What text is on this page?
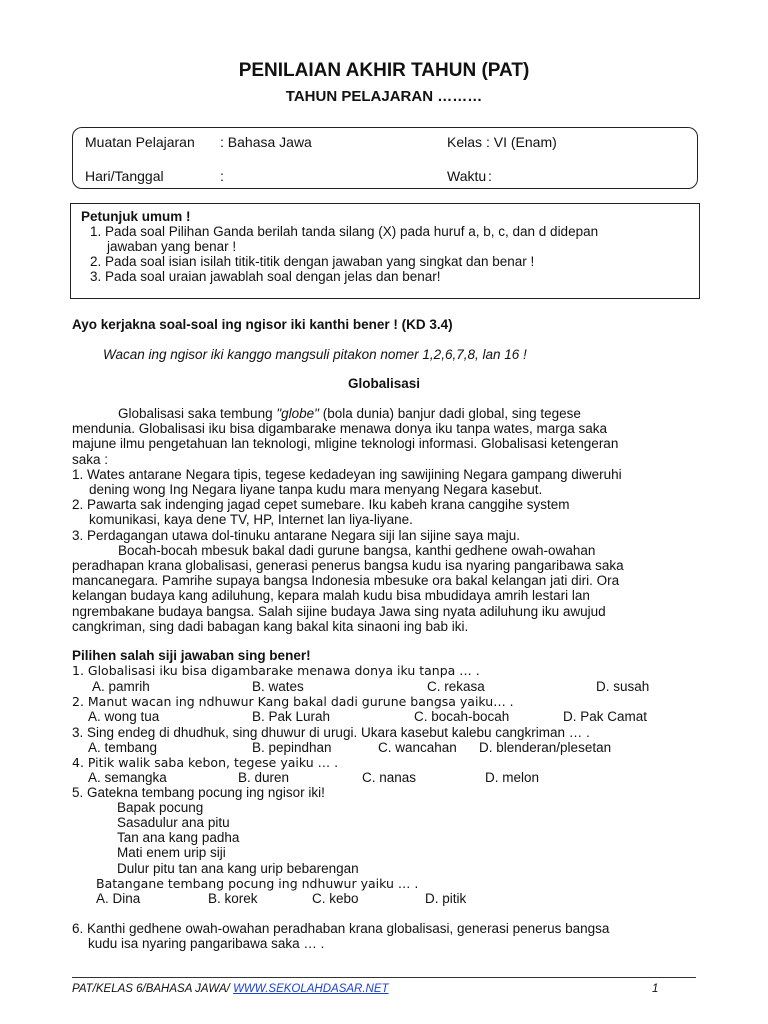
PENILAIAN AKHIR TAHUN (PAT)
TAHUN PELAJARAN ………
Muatan Pelajaran : Bahasa Jawa	Kelas : VI (Enam)
Hari/Tanggal	:	Waktu :
Petunjuk umum !
1. Pada soal Pilihan Ganda berilah tanda silang (X) pada huruf a, b, c, dan d didepan
jawaban yang benar !
2. Pada soal isian isilah titik-titik dengan jawaban yang singkat dan benar !
3. Pada soal uraian jawablah soal dengan jelas dan benar!
Ayo kerjakna soal-soal ing ngisor iki kanthi bener ! (KD 3.4)
Wacan ing ngisor iki kanggo mangsuli pitakon nomer 1,2,6,7,8, lan 16 !
Globalisasi

Globalisasi saka tembung "globe" (bola dunia) banjur dadi global, sing tegese

mendunia. Globalisasi iku bisa digambarake menawa donya iku tanpa wates, marga saka

majune ilmu pengetahuan lan teknologi, mligine teknologi informasi. Globalisasi ketengeran

saka :

1. Wates antarane Negara tipis, tegese kedadeyan ing sawijining Negara gampang diweruhi

dening wong Ing Negara liyane tanpa kudu mara menyang Negara kasebut.

2. Pawarta sak indenging jagad cepet sumebare. Iku kabeh krana canggihe system

komunikasi, kaya dene TV, HP, Internet lan liya-liyane.

3. Perdagangan utawa dol-tinuku antarane Negara siji lan sijine saya maju.

Bocah-bocah mbesuk bakal dadi gurune bangsa, kanthi gedhene owah-owahan

peradhapan krana globalisasi, generasi penerus bangsa kudu isa nyaring pangaribawa saka

mancanegara. Pamrihe supaya bangsa Indonesia mbesuke ora bakal kelangan jati diri. Ora

kelangan budaya kang adiluhung, kepara malah kudu bisa mbudidaya amrih lestari lan

ngrembakane budaya bangsa. Salah sijine budaya Jawa sing nyata adiluhung iku awujud

cangkriman, sing dadi babagan kang bakal kita sinaoni ing bab iki.

Pilihen salah siji jawaban sing bener!
1. Globalisasi iku bisa digambarake menawa donya iku tanpa … .
A. pamrih	B. wates	C. rekasa	D. susah
2. Manut wacan ing ndhuwur Kang bakal dadi gurune bangsa yaiku… .
A. wong tua	B. Pak Lurah	C. bocah-bocah	D. Pak Camat
3. Sing endeg di dhudhuk, sing dhuwur di urugi. Ukara kasebut kalebu cangkriman … .
A. tembang	B. pepindhan	C. wancahan D. blenderan/plesetan
4. Pitik walik saba kebon, tegese yaiku … .
A. semangka	B. duren	C. nanas	D. melon
5. Gatekna tembang pocung ing ngisor iki!
Bapak pocung
Sasadulur ana pitu
Tan ana kang padha
Mati enem urip siji
Dulur pitu tan ana kang urip bebarengan
Batangane tembang pocung ing ndhuwur yaiku … .
A. Dina	B. korek	C. kebo	D. pitik
6. Kanthi gedhene owah-owahan peradhaban krana globalisasi, generasi penerus bangsa
kudu isa nyaring pangaribawa saka … .
PAT/KELAS 6/BAHASA JAWA/ WWW.SEKOLAHDASAR.NET	1
